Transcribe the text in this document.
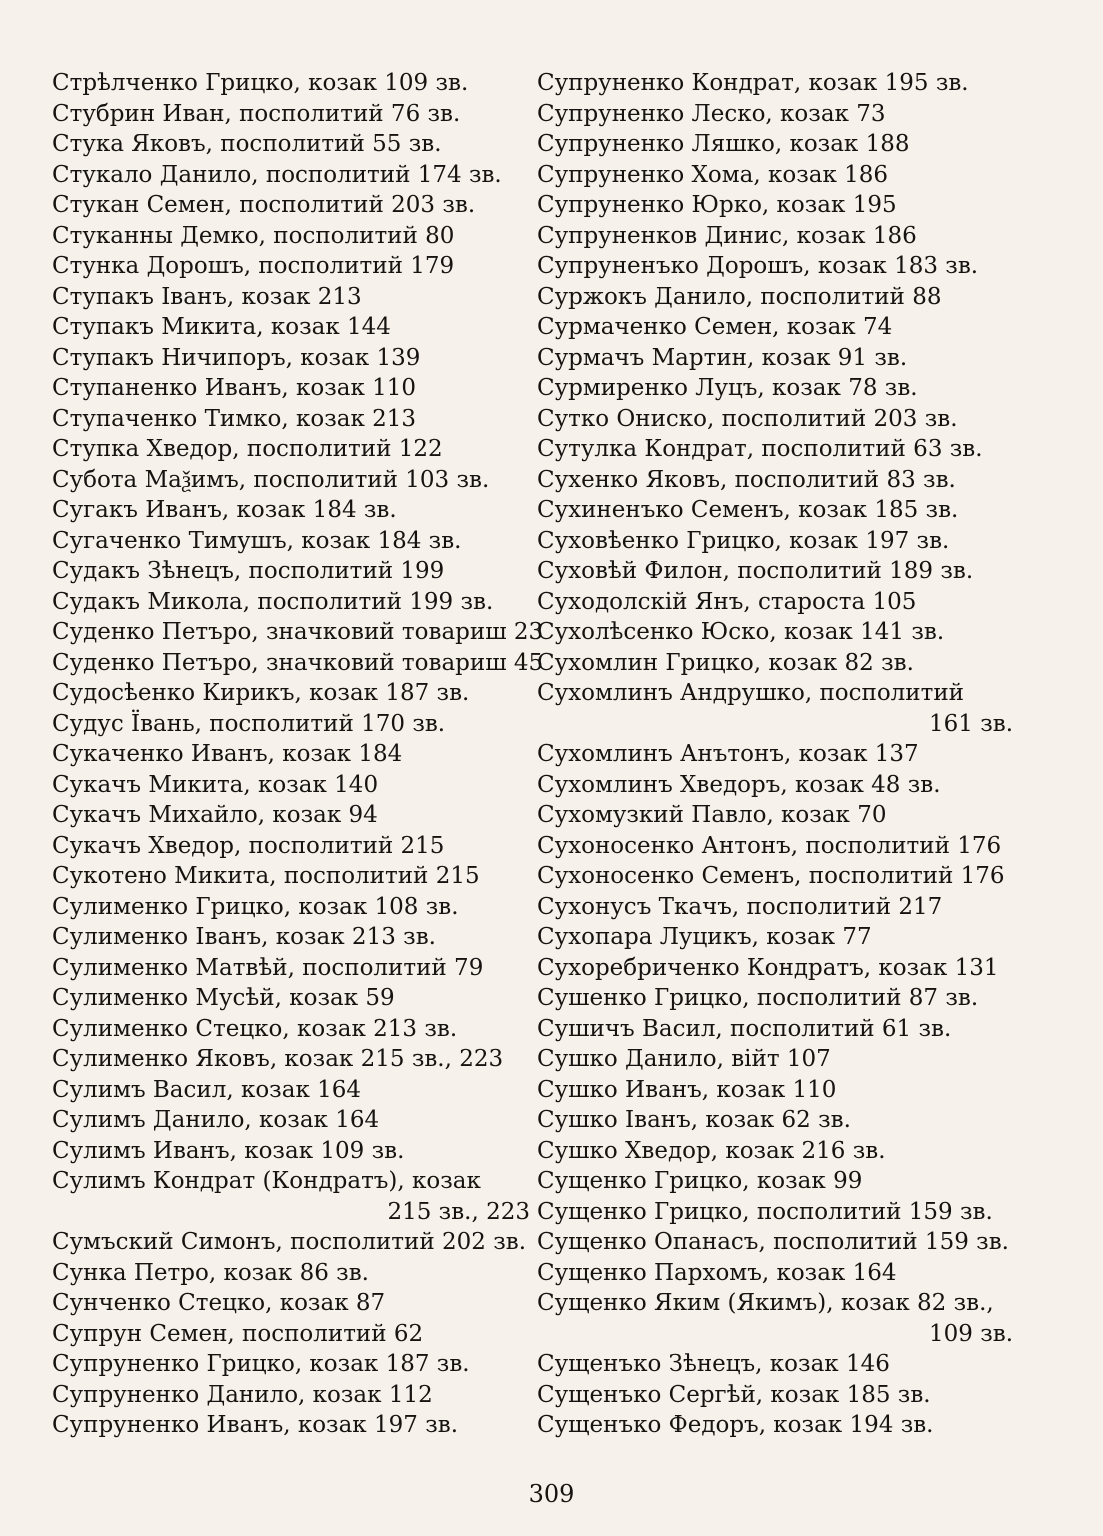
Стрѣлченко Грицко, козак 109 зв.
Стубрин Иван, посполитий 76 зв.
Стука Яковъ, посполитий 55 зв.
Стукало Данило, посполитий 174 зв.
Стукан Семен, посполитий 203 зв.
Стуканны Демко, посполитий 80
Стунка Дорошъ, посполитий 179
Ступакъ Іванъ, козак 213
Ступакъ Микита, козак 144
Ступакъ Ничипоръ, козак 139
Ступаненко Иванъ, козак 110
Ступаченко Тимко, козак 213
Ступка Хведор, посполитий 122
Субота Маѯимъ, посполитий 103 зв.
Сугакъ Иванъ, козак 184 зв.
Сугаченко Тимушъ, козак 184 зв.
Судакъ Зѣнецъ, посполитий 199
Судакъ Микола, посполитий 199 зв.
Суденко Петъро, значковий товариш 23
Суденко Петъро, значковий товариш 45
Судосѣенко Кирикъ, козак 187 зв.
Судус Ївань, посполитий 170 зв.
Сукаченко Иванъ, козак 184
Сукачъ Микита, козак 140
Сукачъ Михайло, козак 94
Сукачъ Хведор, посполитий 215
Сукотено Микита, посполитий 215
Сулименко Грицко, козак 108 зв.
Сулименко Іванъ, козак 213 зв.
Сулименко Матвѣй, посполитий 79
Сулименко Мусѣй, козак 59
Сулименко Стецко, козак 213 зв.
Сулименко Яковъ, козак 215 зв., 223
Сулимъ Васил, козак 164
Сулимъ Данило, козак 164
Сулимъ Иванъ, козак 109 зв.
Сулимъ Кондрат (Кондратъ), козак
215 зв., 223
Сумъский Симонъ, посполитий 202 зв.
Сунка Петро, козак 86 зв.
Сунченко Стецко, козак 87
Супрун Семен, посполитий 62
Супруненко Грицко, козак 187 зв.
Супруненко Данило, козак 112
Супруненко Иванъ, козак 197 зв.
Супруненко Кондрат, козак 195 зв.
Супруненко Леско, козак 73
Супруненко Ляшко, козак 188
Супруненко Хома, козак 186
Супруненко Юрко, козак 195
Супруненков Динис, козак 186
Супруненъко Дорошъ, козак 183 зв.
Суржокъ Данило, посполитий 88
Сурмаченко Семен, козак 74
Сурмачъ Мартин, козак 91 зв.
Сурмиренко Луцъ, козак 78 зв.
Сутко Ониско, посполитий 203 зв.
Сутулка Кондрат, посполитий 63 зв.
Сухенко Яковъ, посполитий 83 зв.
Сухиненъко Семенъ, козак 185 зв.
Суховѣенко Грицко, козак 197 зв.
Суховѣй Филон, посполитий 189 зв.
Суходолскій Янъ, староста 105
Сухолѣсенко Юско, козак 141 зв.
Сухомлин Грицко, козак 82 зв.
Сухомлинъ Андрушко, посполитий
161 зв.
Сухомлинъ Анътонъ, козак 137
Сухомлинъ Хведоръ, козак 48 зв.
Сухомузкий Павло, козак 70
Сухоносенко Антонъ, посполитий 176
Сухоносенко Семенъ, посполитий 176
Сухонусъ Ткачъ, посполитий 217
Сухопара Луцикъ, козак 77
Сухоребриченко Кондратъ, козак 131
Сушенко Грицко, посполитий 87 зв.
Сушичъ Васил, посполитий 61 зв.
Сушко Данило, війт 107
Сушко Иванъ, козак 110
Сушко Іванъ, козак 62 зв.
Сушко Хведор, козак 216 зв.
Сущенко Грицко, козак 99
Сущенко Грицко, посполитий 159 зв.
Сущенко Опанасъ, посполитий 159 зв.
Сущенко Пархомъ, козак 164
Сущенко Яким (Якимъ), козак 82 зв.,
109 зв.
Сущенъко Зѣнецъ, козак 146
Сущенъко Сергѣй, козак 185 зв.
Сущенъко Федоръ, козак 194 зв.
309
